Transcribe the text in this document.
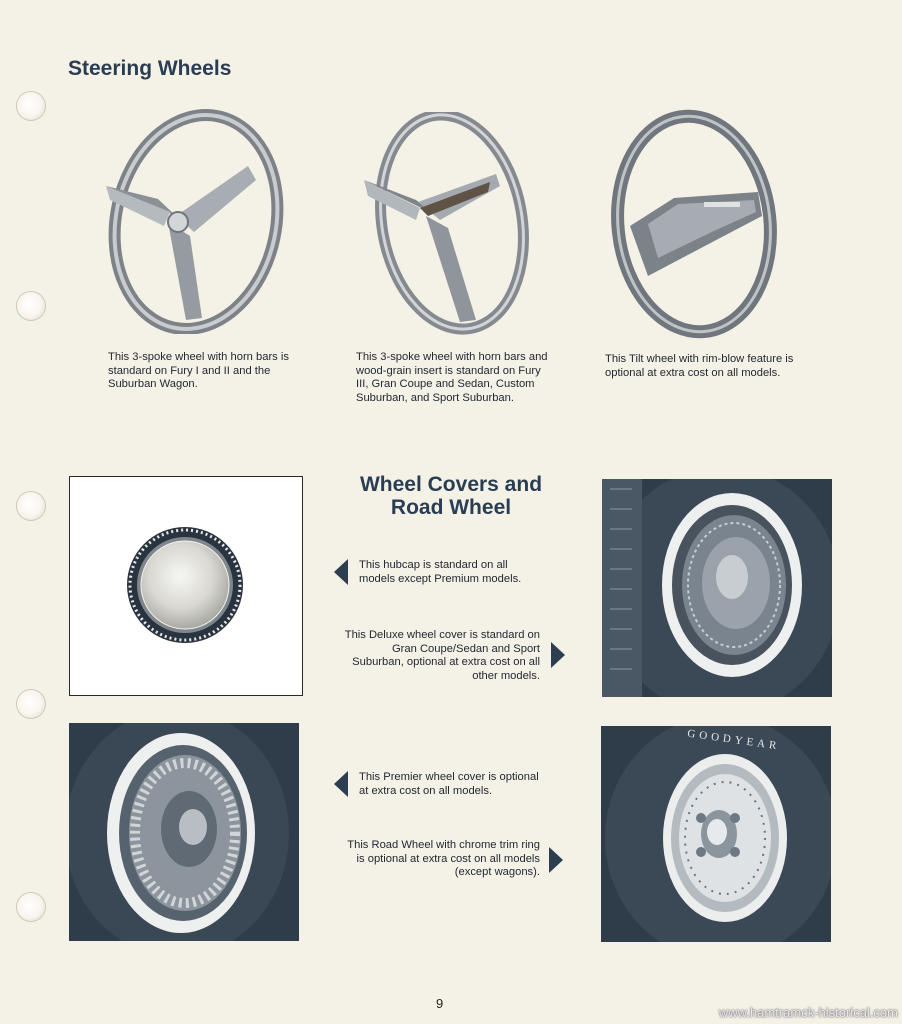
Steering Wheels

This 3-spoke wheel with horn bars is standard on Fury I and II and the Suburban Wagon.

This 3-spoke wheel with horn bars and wood-grain insert is standard on Fury III, Gran Coupe and Sedan, Custom Suburban, and Sport Suburban.

This Tilt wheel with rim-blow feature is optional at extra cost on all models.

Wheel Covers and Road Wheel

This hubcap is standard on all models except Premium models.

This Deluxe wheel cover is standard on Gran Coupe/Sedan and Sport Suburban, optional at extra cost on all other models.

This Premier wheel cover is optional at extra cost on all models.

GOODYEAR

This Road Wheel with chrome trim ring is optional at extra cost on all models (except wagons).

9
www.hamtramck-historical.com
